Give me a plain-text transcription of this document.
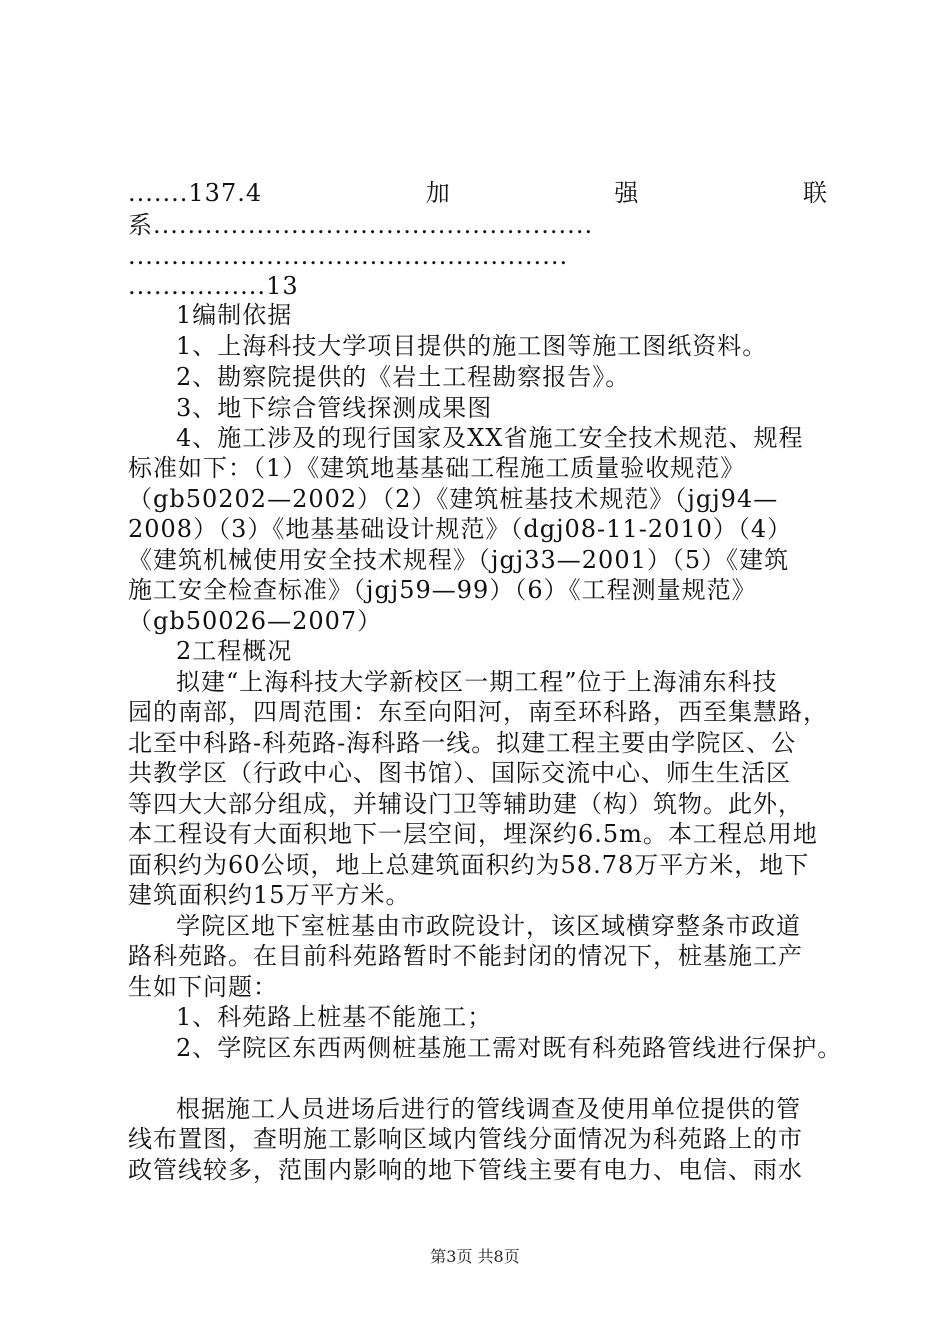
.......137.4	加	强	联
系...................................................
...................................................
................13
1编制依据
1、上海科技大学项目提供的施工图等施工图纸资料。
2、勘察院提供的《岩土工程勘察报告》。
3、地下综合管线探测成果图
4、施工涉及的现行国家及XX省施工安全技术规范、规程
标准如下：（1）《建筑地基基础工程施工质量验收规范》
（gb50202—2002）（2）《建筑桩基技术规范》（jgj94—
2008）（3）《地基基础设计规范》（dgj08-11-2010）（4）
《建筑机械使用安全技术规程》（jgj33—2001）（5）《建筑
施工安全检查标准》（jgj59—99）（6）《工程测量规范》
（gb50026—2007）
2工程概况
拟建“上海科技大学新校区一期工程”位于上海浦东科技
园的南部，四周范围：东至向阳河，南至环科路，西至集慧路，
北至中科路-科苑路-海科路一线。拟建工程主要由学院区、公
共教学区（行政中心、图书馆）、国际交流中心、师生生活区
等四大大部分组成，并辅设门卫等辅助建（构）筑物。此外，
本工程设有大面积地下一层空间，埋深约6.5m。本工程总用地
面积约为60公顷，地上总建筑面积约为58.78万平方米，地下
建筑面积约15万平方米。
学院区地下室桩基由市政院设计，该区域横穿整条市政道
路科苑路。在目前科苑路暂时不能封闭的情况下，桩基施工产
生如下问题：
1、科苑路上桩基不能施工；
2、学院区东西两侧桩基施工需对既有科苑路管线进行保护。
根据施工人员进场后进行的管线调查及使用单位提供的管
线布置图，查明施工影响区域内管线分面情况为科苑路上的市
政管线较多，范围内影响的地下管线主要有电力、电信、雨水
第3页 共8页
